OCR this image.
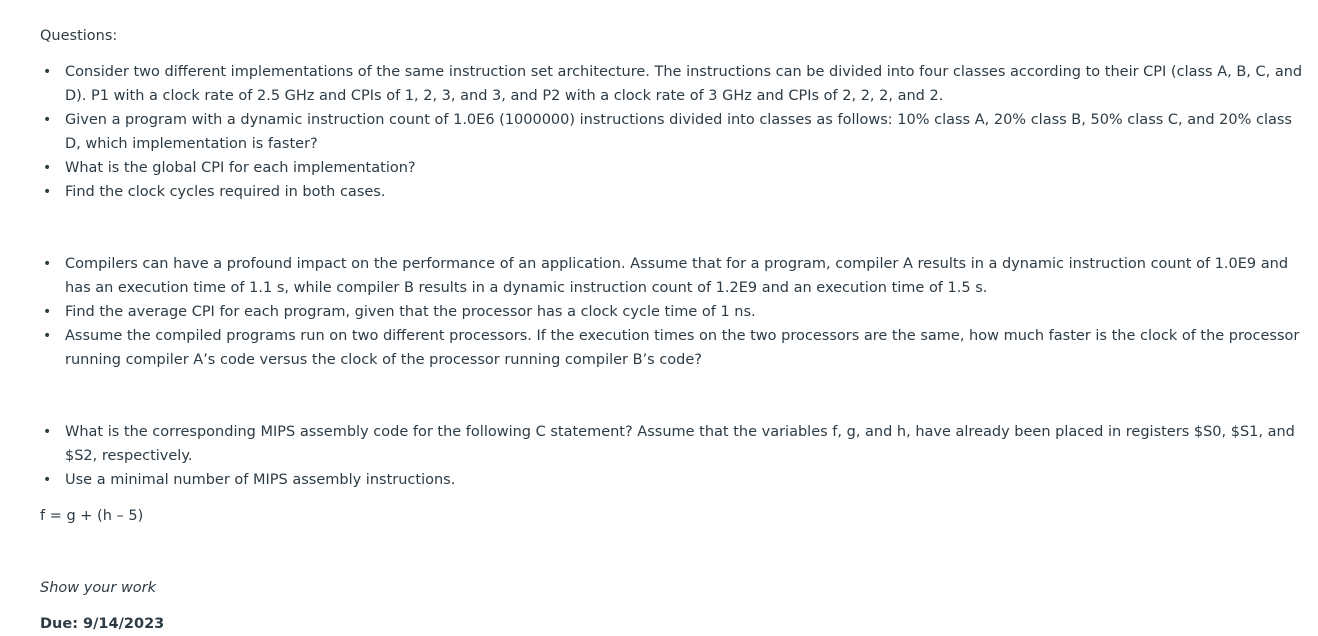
Questions:

• Consider two different implementations of the same instruction set architecture. The instructions can be divided into four classes according to their CPI (class A, B, C, and D). P1 with a clock rate of 2.5 GHz and CPIs of 1, 2, 3, and 3, and P2 with a clock rate of 3 GHz and CPIs of 2, 2, 2, and 2.
• Given a program with a dynamic instruction count of 1.0E6 (1000000) instructions divided into classes as follows: 10% class A, 20% class B, 50% class C, and 20% class D, which implementation is faster?
• What is the global CPI for each implementation?
• Find the clock cycles required in both cases.
• Compilers can have a profound impact on the performance of an application. Assume that for a program, compiler A results in a dynamic instruction count of 1.0E9 and has an execution time of 1.1 s, while compiler B results in a dynamic instruction count of 1.2E9 and an execution time of 1.5 s.
• Find the average CPI for each program, given that the processor has a clock cycle time of 1 ns.
• Assume the compiled programs run on two different processors. If the execution times on the two processors are the same, how much faster is the clock of the processor running compiler A’s code versus the clock of the processor running compiler B’s code?
• What is the corresponding MIPS assembly code for the following C statement? Assume that the variables f, g, and h, have already been placed in registers $S0, $S1, and $S2, respectively.
• Use a minimal number of MIPS assembly instructions.
f = g + (h – 5)
Show your work
Due: 9/14/2023
